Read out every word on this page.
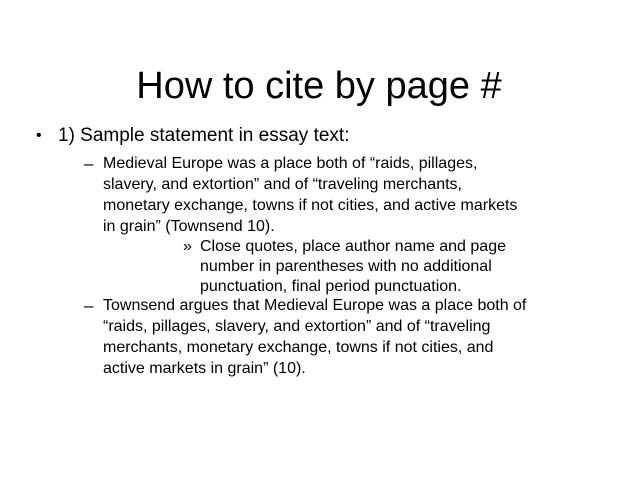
How to cite by page #
• 1) Sample statement in essay text:

– Medieval Europe was a place both of “raids, pillages,
slavery, and extortion” and of “traveling merchants,
monetary exchange, towns if not cities, and active markets
in grain” (Townsend 10).
» Close quotes, place author name and page
number in parentheses with no additional
punctuation, final period punctuation.
– Townsend argues that Medieval Europe was a place both of
“raids, pillages, slavery, and extortion” and of “traveling
merchants, monetary exchange, towns if not cities, and
active markets in grain” (10).
